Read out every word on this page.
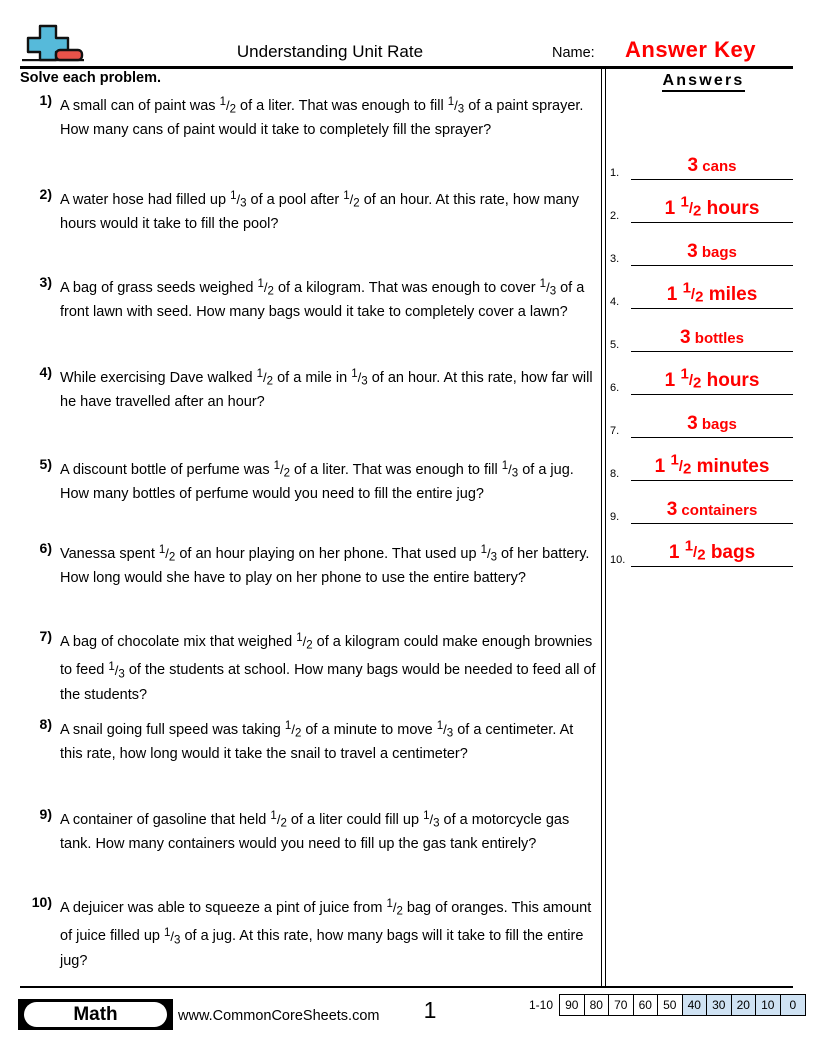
Understanding Unit Rate	Name: Answer Key
Solve each problem.
1) A small can of paint was $^1$/2 of a liter. That was enough to fill $^1$/3 of a paint sprayer. How many cans of paint would it take to completely fill the sprayer?
2) A water hose had filled up $^1$/3 of a pool after $^1$/2 of an hour. At this rate, how many hours would it take to fill the pool?
3) A bag of grass seeds weighed $^1$/2 of a kilogram. That was enough to cover $^1$/3 of a front lawn with seed. How many bags would it take to completely cover a lawn?
4) While exercising Dave walked $^1$/2 of a mile in $^1$/3 of an hour. At this rate, how far will he have travelled after an hour?
5) A discount bottle of perfume was $^1$/2 of a liter. That was enough to fill $^1$/3 of a jug. How many bottles of perfume would you need to fill the entire jug?
6) Vanessa spent $^1$/2 of an hour playing on her phone. That used up $^1$/3 of her battery. How long would she have to play on her phone to use the entire battery?
7) A bag of chocolate mix that weighed $^1$/2 of a kilogram could make enough brownies to feed $^1$/3 of the students at school. How many bags would be needed to feed all of the students?
8) A snail going full speed was taking $^1$/2 of a minute to move $^1$/3 of a centimeter. At this rate, how long would it take the snail to travel a centimeter?
9) A container of gasoline that held $^1$/2 of a liter could fill up $^1$/3 of a motorcycle gas tank. How many containers would you need to fill up the gas tank entirely?
10) A dejuicer was able to squeeze a pint of juice from $^1$/2 bag of oranges. This amount of juice filled up $^1$/3 of a jug. At this rate, how many bags will it take to fill the entire jug?
Answers
1.	3 cans
2.	1 1/2 hours
3.	3 bags
4.	1 1/2 miles
5.	3 bottles
6.	1 1/2 hours
7.	3 bags
8.	1 1/2 minutes
9.	3 containers
10.	1 1/2 bags
Math	www.CommonCoreSheets.com	1	1-10	90 80 70 60 50 40 30 20 10	0
